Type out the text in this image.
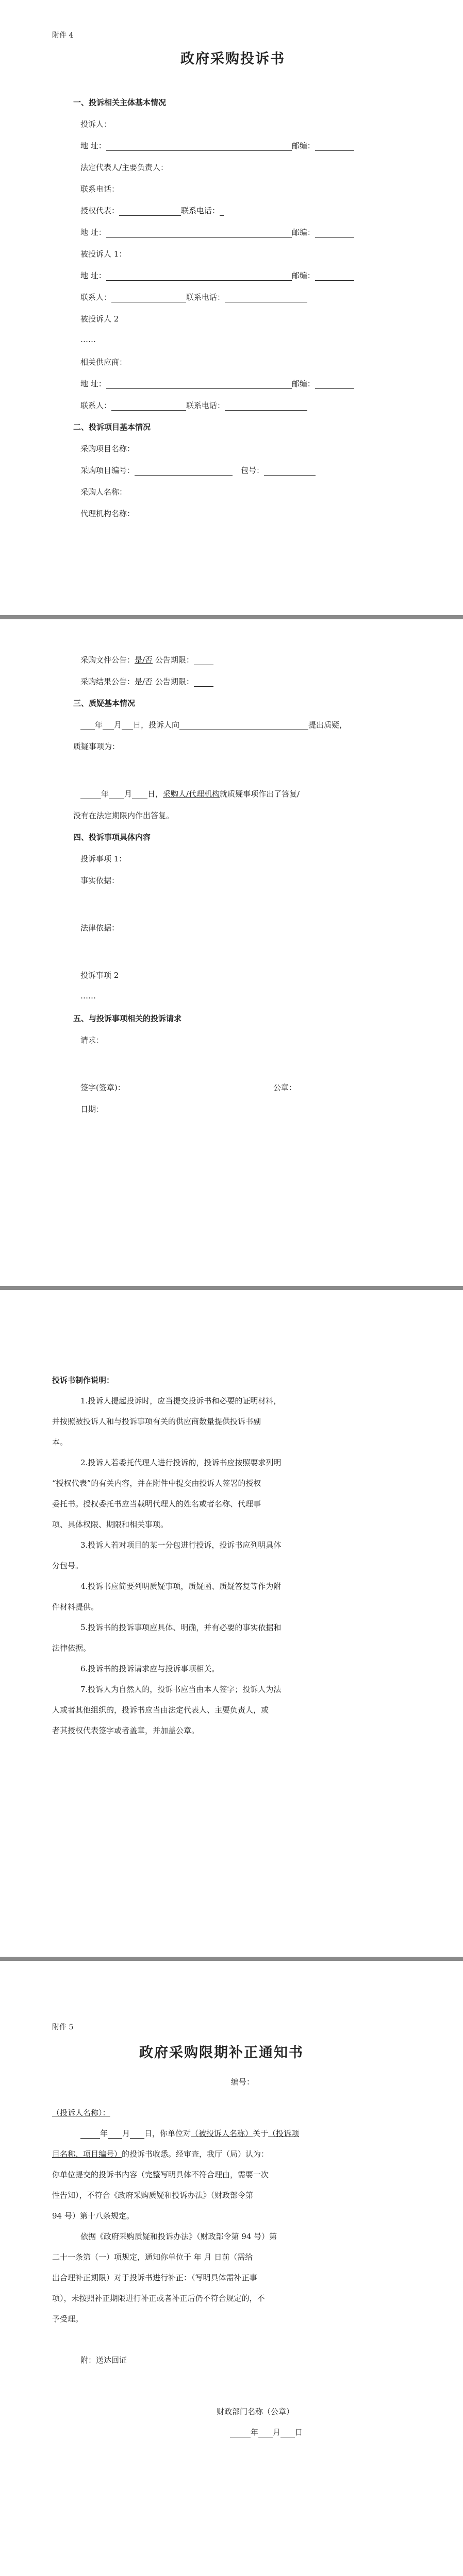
附件 4
政府采购投诉书
一、投诉相关主体基本情况
投诉人：
地 址：	邮编：
法定代表人/主要负责人：
联系电话：
授权代表：	联系电话：
地 址：	邮编：
被投诉人 1：
地 址：	邮编：
联系人：	联系电话：
被投诉人 2
……
相关供应商：
地 址：	邮编：
联系人：	联系电话：
二、投诉项目基本情况
采购项目名称：
采购项目编号：	包号：
采购人名称：
代理机构名称：
采购文件公告：是/否 公告期限：
采购结果公告：是/否 公告期限：
三、质疑基本情况
年 月 日，投诉人向	提出质疑，
质疑事项为：
年 月 日，采购人/代理机构就质疑事项作出了答复/
没有在法定期限内作出答复。
四、投诉事项具体内容
投诉事项 1：
事实依据：
法律依据：
投诉事项 2
……
五、与投诉事项相关的投诉请求
请求：
签字(签章)：	公章：
日期：
投诉书制作说明：
1.投诉人提起投诉时，应当提交投诉书和必要的证明材料，
并按照被投诉人和与投诉事项有关的供应商数量提供投诉书副
本。
2.投诉人若委托代理人进行投诉的，投诉书应按照要求列明
“授权代表”的有关内容，并在附件中提交由投诉人签署的授权
委托书。授权委托书应当载明代理人的姓名或者名称、代理事
项、具体权限、期限和相关事项。
3.投诉人若对项目的某一分包进行投诉，投诉书应列明具体
分包号。
4.投诉书应简要列明质疑事项，质疑函、质疑答复等作为附
件材料提供。
5.投诉书的投诉事项应具体、明确，并有必要的事实依据和
法律依据。
6.投诉书的投诉请求应与投诉事项相关。
7.投诉人为自然人的，投诉书应当由本人签字；投诉人为法
人或者其他组织的，投诉书应当由法定代表人、主要负责人，或
者其授权代表签字或者盖章，并加盖公章。
附件 5
政府采购限期补正通知书
编号：
（投诉人名称）：
年 月 日，你单位对（被投诉人名称）关于（投诉项
目名称、项目编号）的投诉书收悉。经审查，我厅（局）认为：
你单位提交的投诉书内容（完整写明具体不符合理由，需要一次
性告知），不符合《政府采购质疑和投诉办法》（财政部令第
94 号）第十八条规定。
依据《政府采购质疑和投诉办法》（财政部令第 94 号）第
二十一条第（一）项规定，通知你单位于 年 月 日前（需给
出合理补正期限）对于投诉书进行补正：（写明具体需补正事
项），未按照补正期限进行补正或者补正后仍不符合规定的，不
予受理。
附：送达回证
财政部门名称（公章）
年 月 日
